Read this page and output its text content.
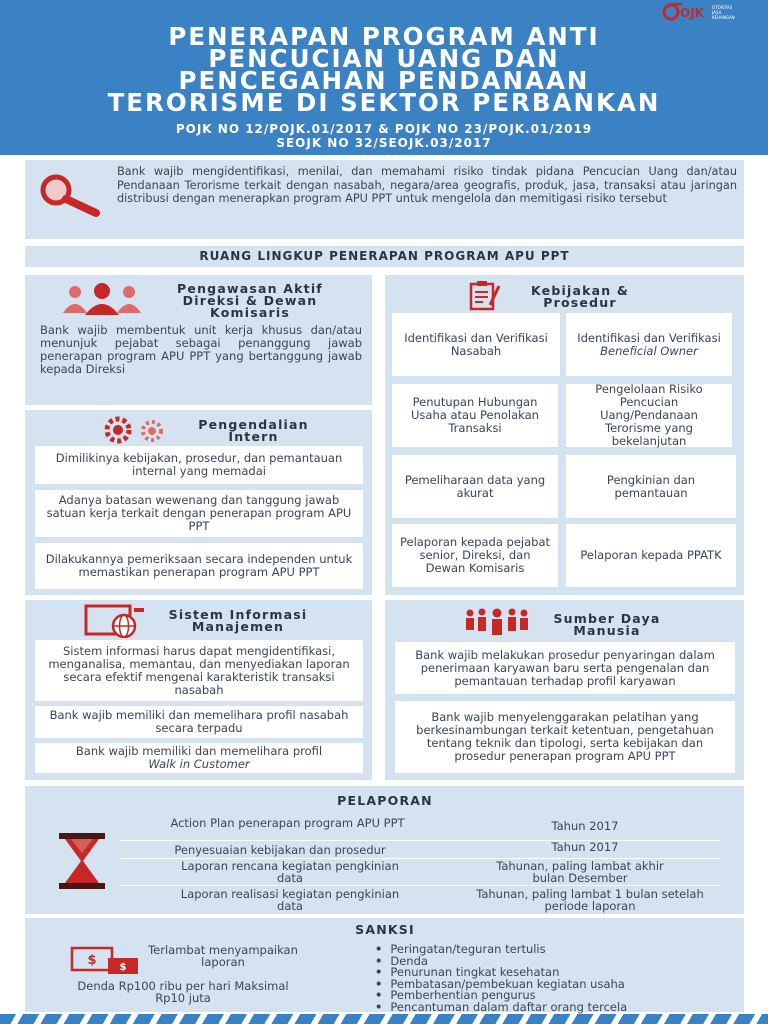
OJK OTORITAS
JASA
KEUANGAN
PENERAPAN PROGRAM ANTI
PENCUCIAN UANG DAN
PENCEGAHAN PENDANAAN
TERORISME DI SEKTOR PERBANKAN
POJK NO 12/POJK.01/2017 & POJK NO 23/POJK.01/2019
SEOJK NO 32/SEOJK.03/2017
Bank wajib mengidentifikasi, menilai, dan memahami risiko tindak pidana Pencucian Uang dan/atau Pendanaan Terorisme terkait dengan nasabah, negara/area geografis, produk, jasa, transaksi atau jaringan distribusi dengan menerapkan program APU PPT untuk mengelola dan memitigasi risiko tersebut
RUANG LINGKUP PENERAPAN PROGRAM APU PPT
Pengawasan Aktif
Direksi & Dewan
Komisaris
Bank wajib membentuk unit kerja khusus dan/atau menunjuk pejabat sebagai penanggung jawab penerapan program APU PPT yang bertanggung jawab kepada Direksi
Pengendalian
Intern
Dimilikinya kebijakan, prosedur, dan pemantauan internal yang memadai
Adanya batasan wewenang dan tanggung jawab satuan kerja terkait dengan penerapan program APU PPT
Dilakukannya pemeriksaan secara independen untuk memastikan penerapan program APU PPT
Kebijakan &
Prosedur
Identifikasi dan Verifikasi Nasabah
Identifikasi dan Verifikasi
Beneficial Owner
Penutupan Hubungan Usaha atau Penolakan Transaksi
Pengelolaan Risiko Pencucian Uang/Pendanaan Terorisme yang bekelanjutan
Pemeliharaan data yang akurat
Pengkinian dan pemantauan
Pelaporan kepada pejabat senior, Direksi, dan Dewan Komisaris
Pelaporan kepada PPATK
Sistem Informasi
Manajemen
Sistem informasi harus dapat mengidentifikasi, menganalisa, memantau, dan menyediakan laporan secara efektif mengenai karakteristik transaksi nasabah
Bank wajib memiliki dan memelihara profil nasabah secara terpadu
Bank wajib memiliki dan memelihara profil
Walk in Customer
Sumber Daya
Manusia
Bank wajib melakukan prosedur penyaringan dalam penerimaan karyawan baru serta pengenalan dan pemantauan terhadap profil karyawan
Bank wajib menyelenggarakan pelatihan yang berkesinambungan terkait ketentuan, pengetahuan tentang teknik dan tipologi, serta kebijakan dan prosedur penerapan program APU PPT
PELAPORAN
Action Plan penerapan program APU PPT	Tahun 2017
Penyesuaian kebijakan dan prosedur	Tahun 2017
Laporan rencana kegiatan pengkinian data
Tahunan, paling lambat akhir bulan Desember
Laporan realisasi kegiatan pengkinian data
Tahunan, paling lambat 1 bulan setelah periode laporan
SANKSI
$ $
Terlambat menyampaikan laporan
Denda Rp100 ribu per hari Maksimal Rp10 juta
• Peringatan/teguran tertulis
• Denda
• Penurunan tingkat kesehatan
• Pembatasan/pembekuan kegiatan usaha
• Pemberhentian pengurus
• Pencantuman dalam daftar orang tercela
